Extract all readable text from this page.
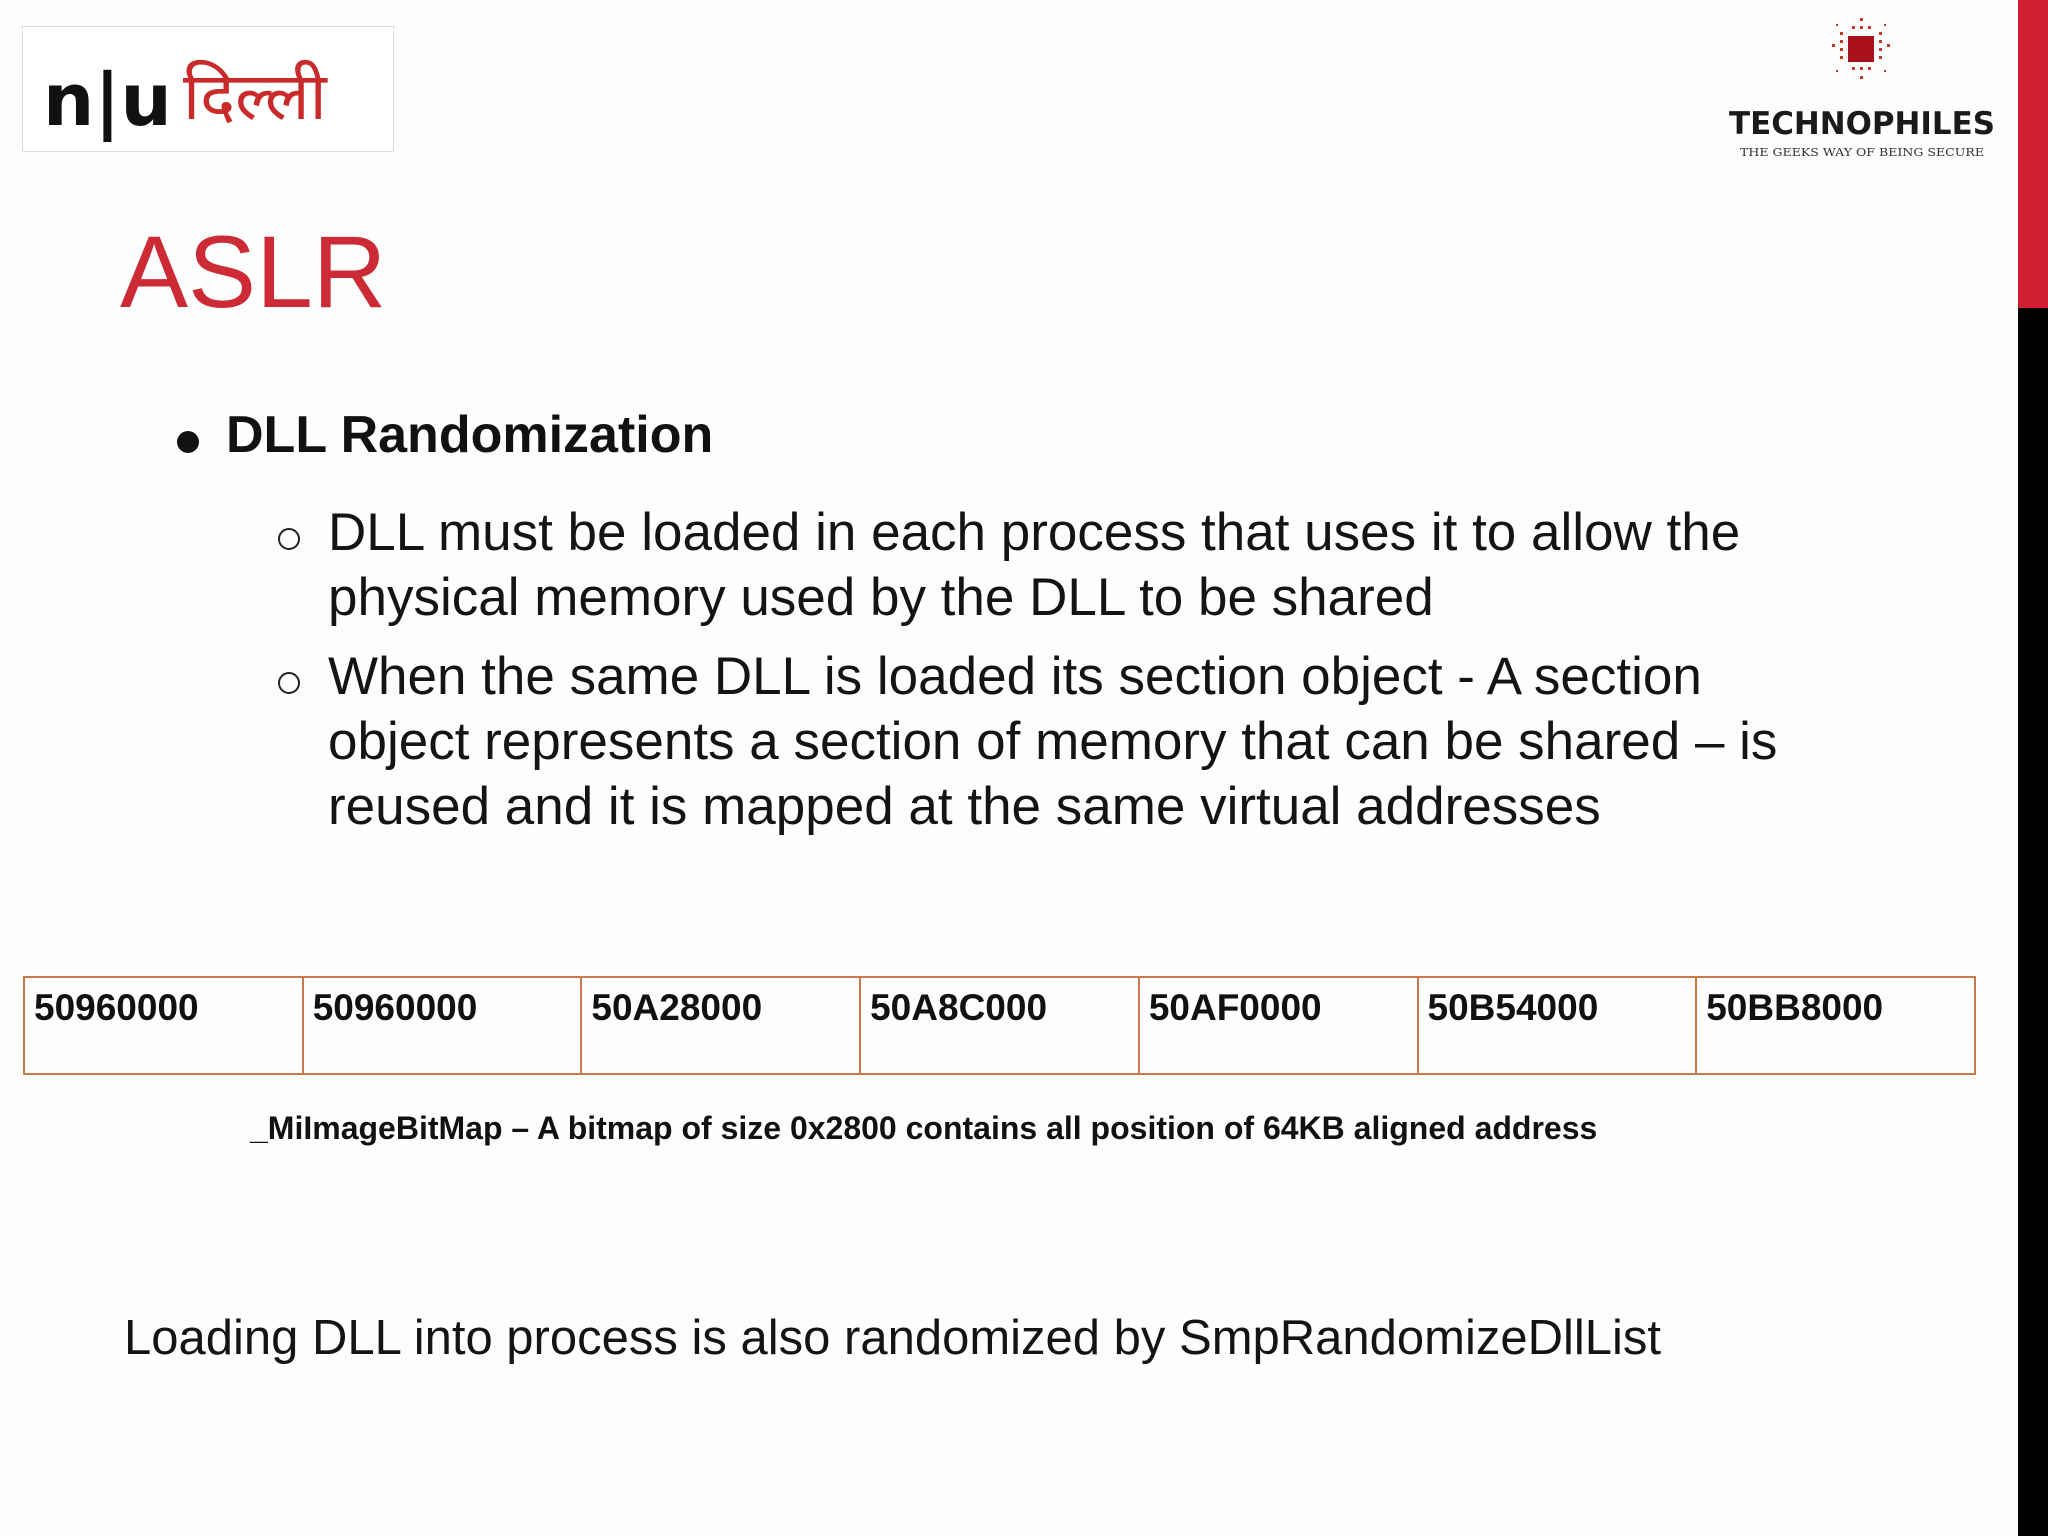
n|u दिल्ली	TECHNOPHILES
THE GEEKS WAY OF BEING SECURE
ASLR
DLL Randomization
DLL must be loaded in each process that uses it to allow the physical memory used by the DLL to be shared
When the same DLL is loaded its section object - A section object represents a section of memory that can be shared – is reused and it is mapped at the same virtual addresses
50960000	50960000	50A28000	50A8C000	50AF0000	50B54000	50BB8000
_MiImageBitMap – A bitmap of size 0x2800 contains all position of 64KB aligned address
Loading DLL into process is also randomized by SmpRandomizeDllList
